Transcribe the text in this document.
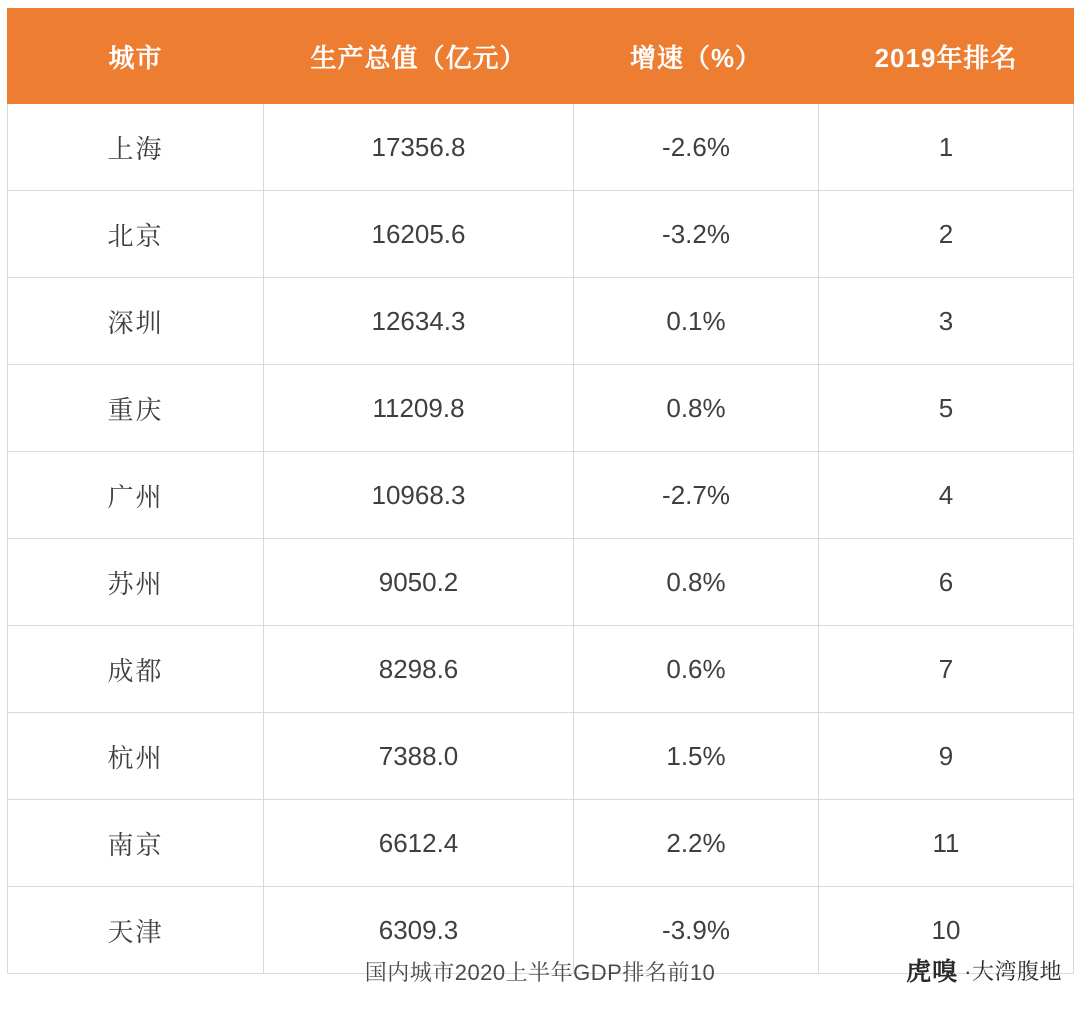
城市	生产总值（亿元）	增速（%）	2019年排名
上海	17356.8	-2.6%	1
北京	16205.6	-3.2%	2
深圳	12634.3	0.1%	3
重庆	11209.8	0.8%	5
广州	10968.3	-2.7%	4
苏州	9050.2	0.8%	6
成都	8298.6	0.6%	7
杭州	7388.0	1.5%	9
南京	6612.4	2.2%	11
天津	6309.3	-3.9%	10
国内城市2020上半年GDP排名前10	虎嗅 ·大湾腹地
